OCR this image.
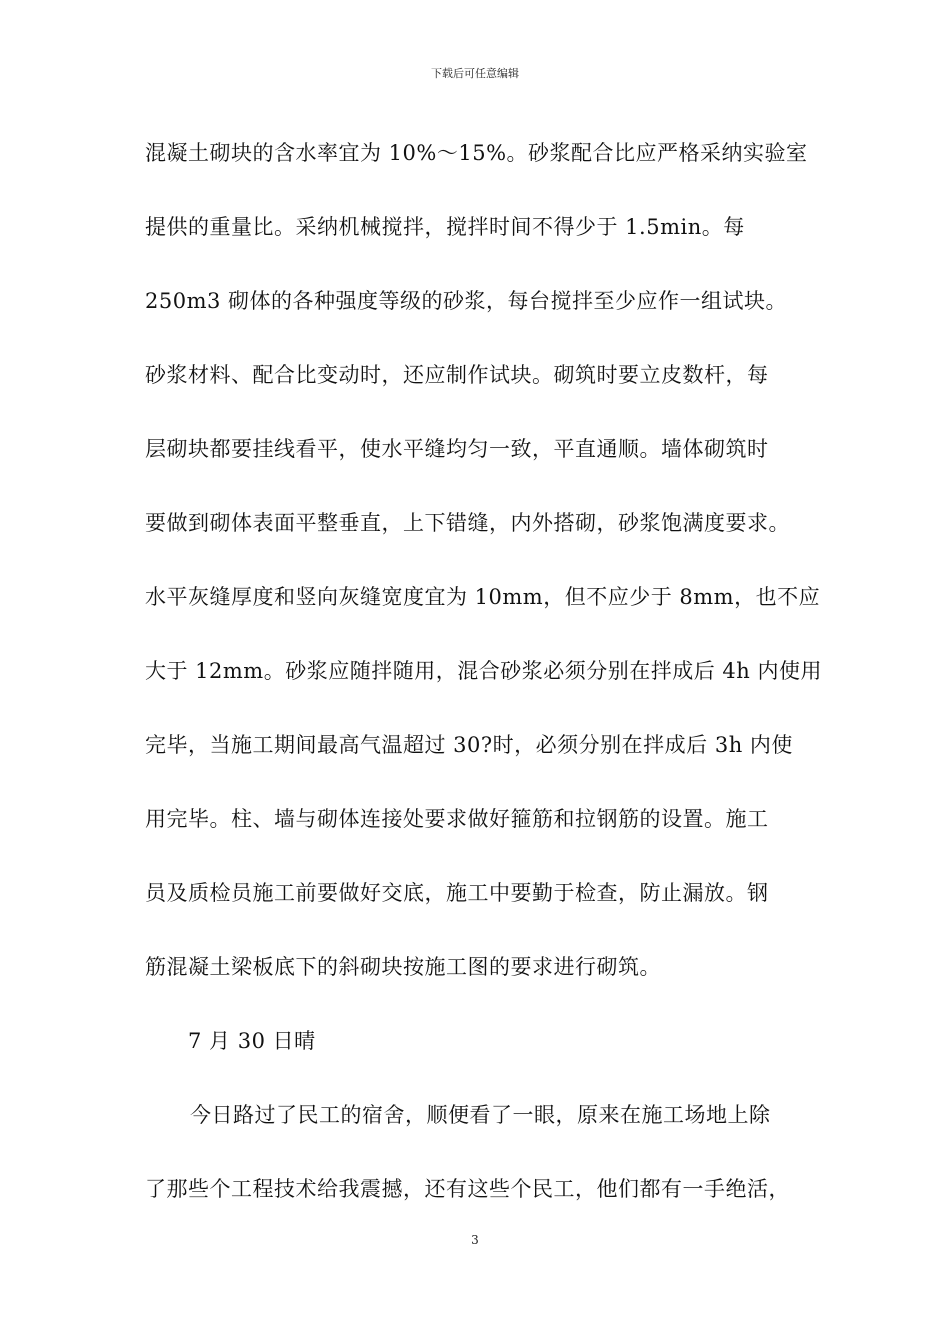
下载后可任意编辑
混凝土砌块的含水率宜为 10%～15%。砂浆配合比应严格采纳实验室
提供的重量比。采纳机械搅拌，搅拌时间不得少于 1.5min。每
250m3 砌体的各种强度等级的砂浆，每台搅拌至少应作一组试块。
砂浆材料、配合比变动时，还应制作试块。砌筑时要立皮数杆，每
层砌块都要挂线看平，使水平缝均匀一致，平直通顺。墙体砌筑时
要做到砌体表面平整垂直，上下错缝，内外搭砌，砂浆饱满度要求。
水平灰缝厚度和竖向灰缝宽度宜为 10mm，但不应少于 8mm，也不应
大于 12mm。砂浆应随拌随用，混合砂浆必须分别在拌成后 4h 内使用
完毕，当施工期间最高气温超过 30?时，必须分别在拌成后 3h 内使
用完毕。柱、墙与砌体连接处要求做好箍筋和拉钢筋的设置。施工
员及质检员施工前要做好交底，施工中要勤于检查，防止漏放。钢
筋混凝土梁板底下的斜砌块按施工图的要求进行砌筑。
7 月 30 日晴
今日路过了民工的宿舍，顺便看了一眼，原来在施工场地上除
了那些个工程技术给我震撼，还有这些个民工，他们都有一手绝活，
3
